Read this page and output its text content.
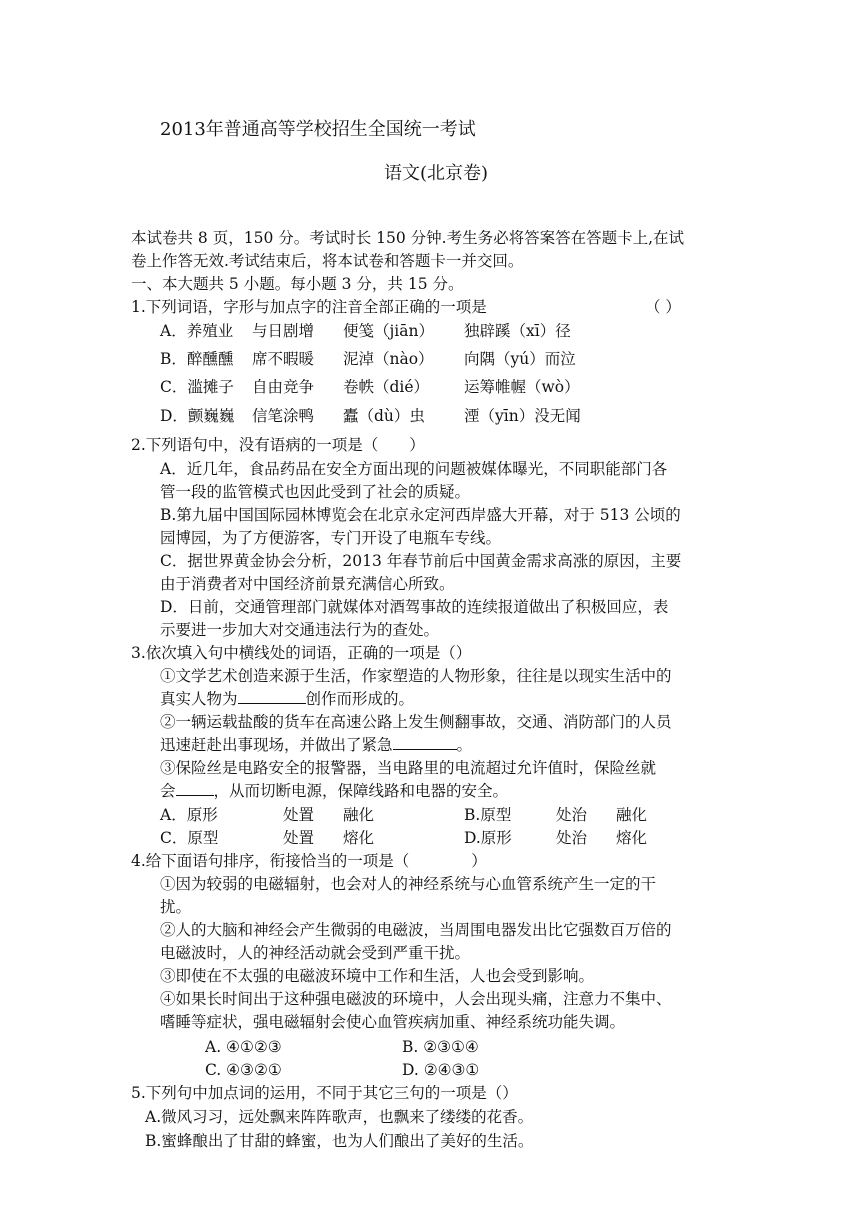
2013年普通高等学校招生全国统一考试
语文(北京卷)
本试卷共 8 页，150 分。考试时长 150 分钟.考生务必将答案答在答题卡上,在试
卷上作答无效.考试结束后，将本试卷和答题卡一并交回。
一、本大题共 5 小题。每小题 3 分，共 15 分。
1.下列词语，字形与加点字的注音全部正确的一项是	（ ）
A．养殖业 与日剧增 便笺（jiān） 独辟蹊（xī）径
B．醉醺醺 席不暇暖 泥淖（nào） 向隅（yú）而泣
C．滥摊子 自由竞争 卷帙（dié） 运筹帷幄（wò）
D．颤巍巍 信笔涂鸭 蠹（dù）虫	湮（yīn）没无闻
2.下列语句中，没有语病的一项是（　　）
A．近几年，食品药品在安全方面出现的问题被媒体曝光，不同职能部门各
管一段的监管模式也因此受到了社会的质疑。
B.第九届中国国际园林博览会在北京永定河西岸盛大开幕，对于 513 公顷的
园博园，为了方便游客，专门开设了电瓶车专线。
C．据世界黄金协会分析，2013 年春节前后中国黄金需求高涨的原因，主要
由于消费者对中国经济前景充满信心所致。
D．日前，交通管理部门就媒体对酒驾事故的连续报道做出了积极回应，表
示要进一步加大对交通违法行为的查处。
3.依次填入句中横线处的词语，正确的一项是（）
①文学艺术创造来源于生活，作家塑造的人物形象，往往是以现实生活中的
真实人物为	创作而形成的。
②一辆运载盐酸的货车在高速公路上发生侧翻事故，交通、消防部门的人员
迅速赶赴出事现场，并做出了紧急	。
③保险丝是电路安全的报警器，当电路里的电流超过允许值时，保险丝就
会 ，从而切断电源，保障线路和电器的安全。
A．原形	处置 融化	B.原型	处治 融化
C．原型	处置 熔化	D.原形	处治 熔化
4.给下面语句排序，衔接恰当的一项是（　　　　）
①因为较弱的电磁辐射，也会对人的神经系统与心血管系统产生一定的干
扰。
②人的大脑和神经会产生微弱的电磁波，当周围电器发出比它强数百万倍的
电磁波时，人的神经活动就会受到严重干扰。
③即使在不太强的电磁波环境中工作和生活，人也会受到影响。
④如果长时间出于这种强电磁波的环境中，人会出现头痛，注意力不集中、
嗜睡等症状，强电磁辐射会使心血管疾病加重、神经系统功能失调。
A. ④①②③	B. ②③①④
C. ④③②①	D. ②④③①
5.下列句中加点词的运用，不同于其它三句的一项是（）
A.微风习习，远处飘来阵阵歌声，也飘来了缕缕的花香。
B.蜜蜂酿出了甘甜的蜂蜜，也为人们酿出了美好的生活。
